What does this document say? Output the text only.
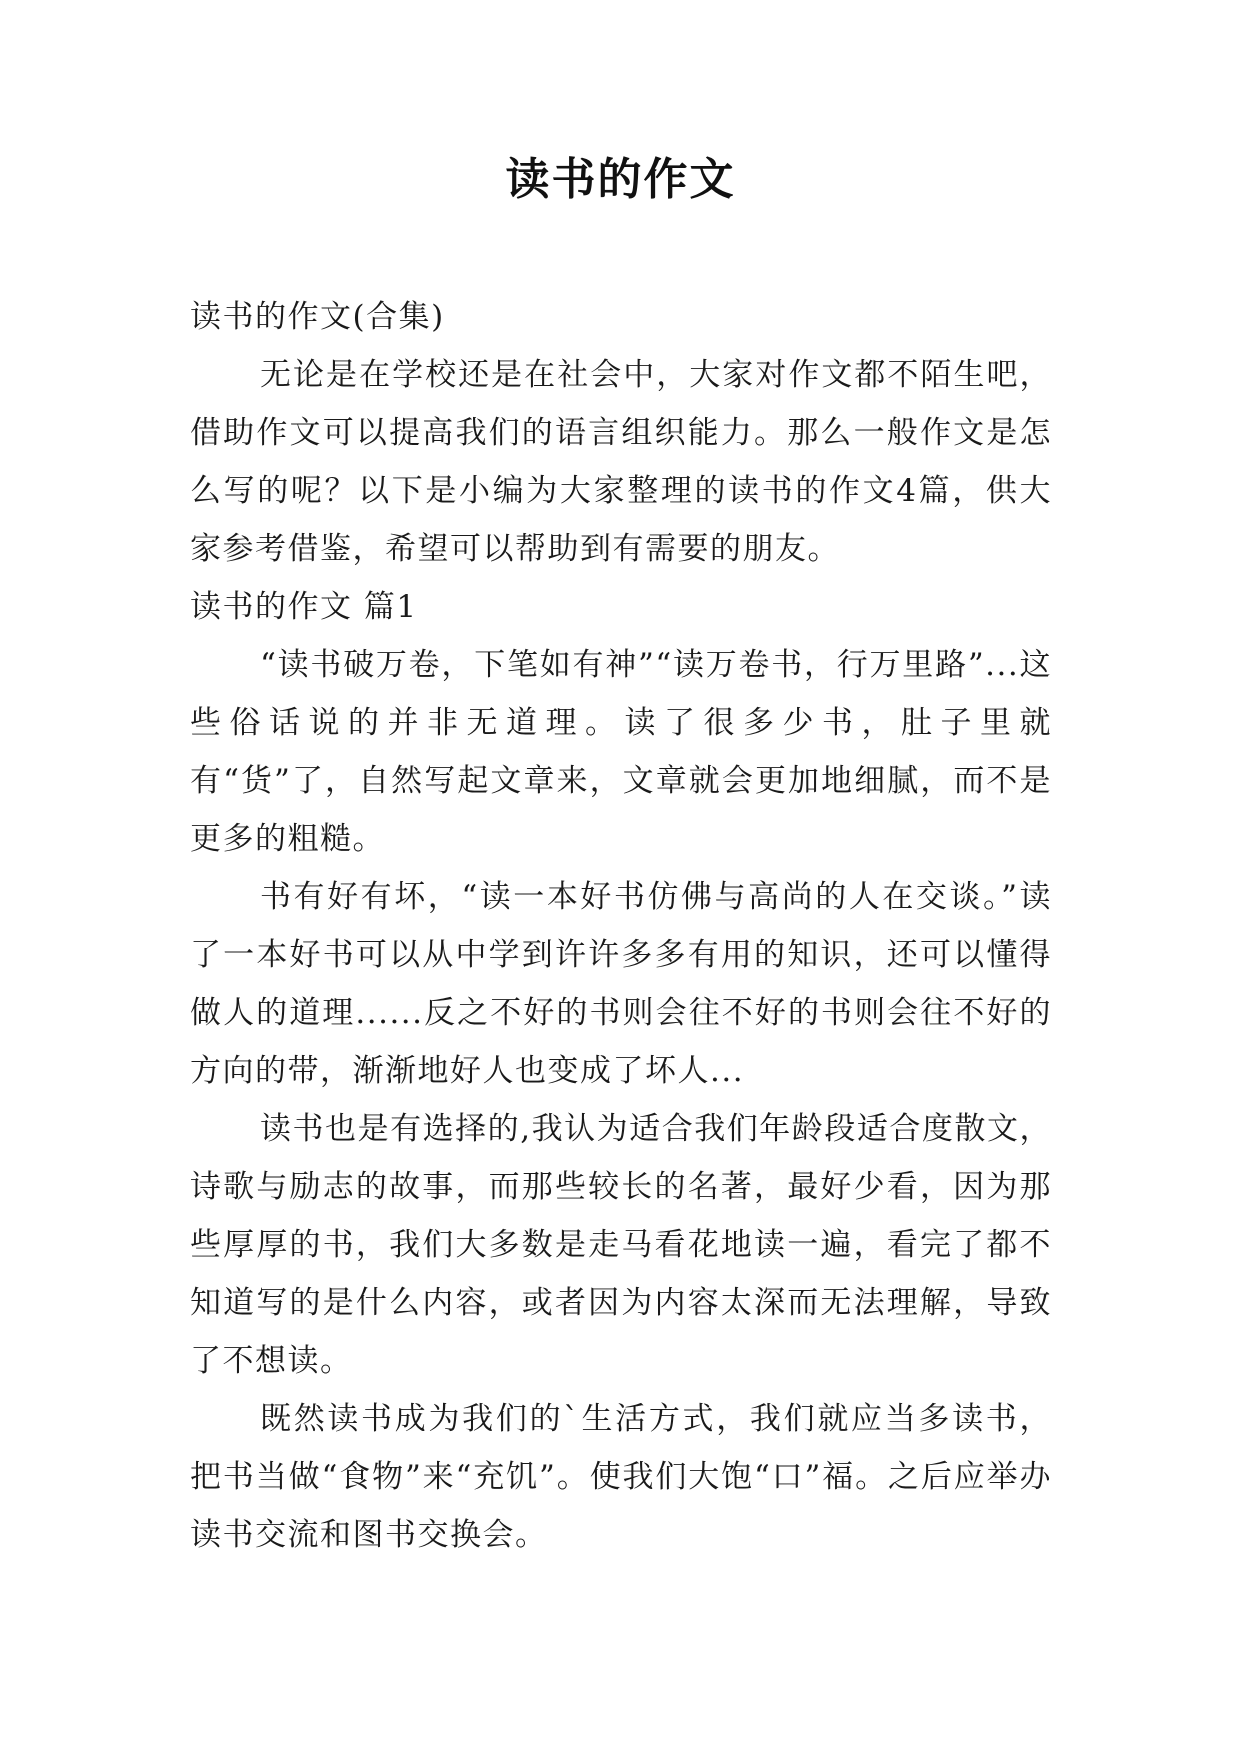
读书的作文

读书的作文(合集)

无论是在学校还是在社会中，大家对作文都不陌生吧，借助作文可以提高我们的语言组织能力。那么一般作文是怎么写的呢？以下是小编为大家整理的读书的作文4篇，供大家参考借鉴，希望可以帮助到有需要的朋友。

读书的作文 篇1

“读书破万卷，下笔如有神”“读万卷书，行万里路”...这些俗话说的并非无道理。读了很多少书，肚子里就有“货”了，自然写起文章来，文章就会更加地细腻，而不是更多的粗糙。

书有好有坏，“读一本好书仿佛与高尚的人在交谈。”读了一本好书可以从中学到许许多多有用的知识，还可以懂得做人的道理......反之不好的书则会往不好的书则会往不好的方向的带，渐渐地好人也变成了坏人...

读书也是有选择的,我认为适合我们年龄段适合度散文，诗歌与励志的故事，而那些较长的名著，最好少看，因为那些厚厚的书，我们大多数是走马看花地读一遍，看完了都不知道写的是什么内容，或者因为内容太深而无法理解，导致了不想读。

既然读书成为我们的`生活方式，我们就应当多读书，把书当做“食物”来“充饥”。使我们大饱“口”福。之后应举办读书交流和图书交换会。
